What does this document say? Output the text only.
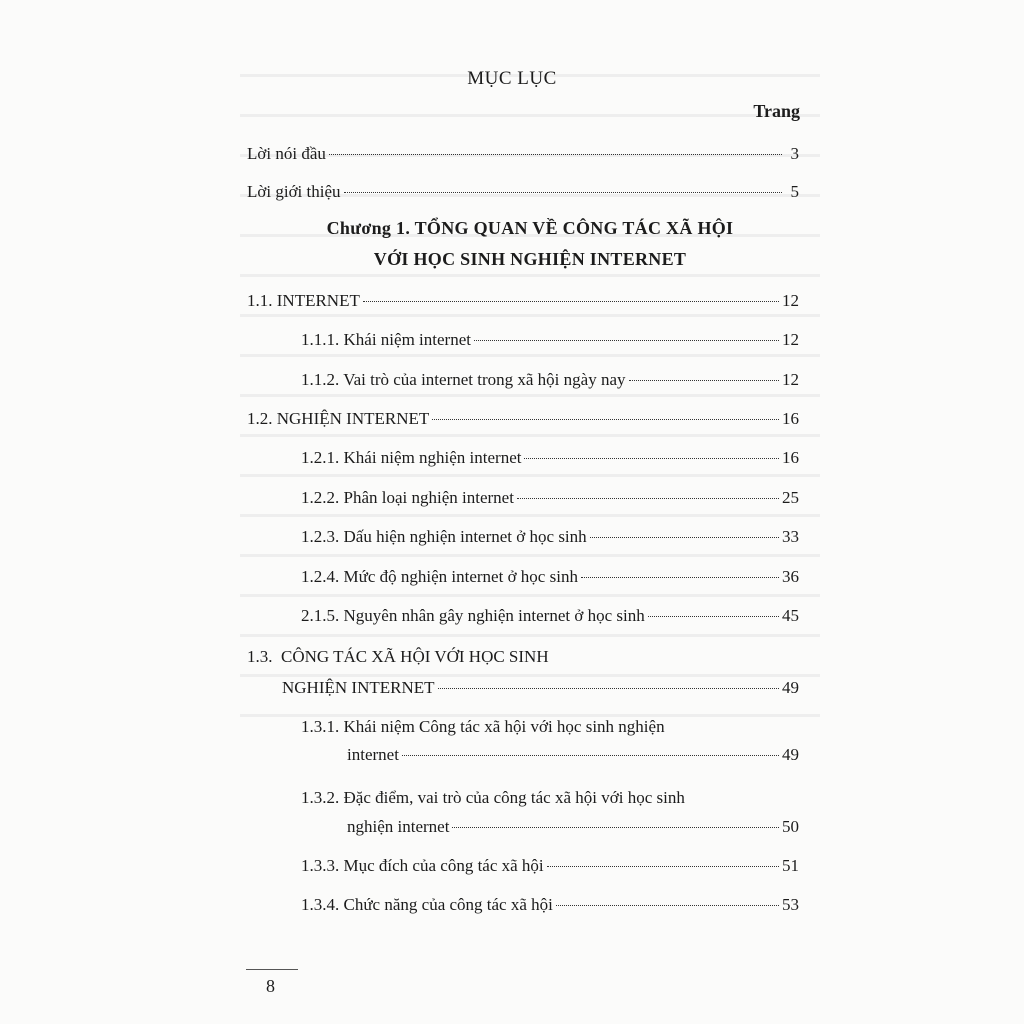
MỤC LỤC
Trang
Lời nói đầu	3
Lời giới thiệu	5
Chương 1. TỔNG QUAN VỀ CÔNG TÁC XÃ HỘI
VỚI HỌC SINH NGHIỆN INTERNET
1.1. INTERNET	12
1.1.1. Khái niệm internet	12
1.1.2. Vai trò của internet trong xã hội ngày nay	12
1.2. NGHIỆN INTERNET	16
1.2.1. Khái niệm nghiện internet	16
1.2.2. Phân loại nghiện internet	25
1.2.3. Dấu hiện nghiện internet ở học sinh	33
1.2.4. Mức độ nghiện internet ở học sinh	36
2.1.5. Nguyên nhân gây nghiện internet ở học sinh	45
1.3.  CÔNG TÁC XÃ HỘI VỚI HỌC SINH
NGHIỆN INTERNET	49
1.3.1. Khái niệm Công tác xã hội với học sinh nghiện
internet	49
1.3.2. Đặc điểm, vai trò của công tác xã hội với học sinh
nghiện internet	50
1.3.3. Mục đích của công tác xã hội	51
1.3.4. Chức năng của công tác xã hội	53
8
